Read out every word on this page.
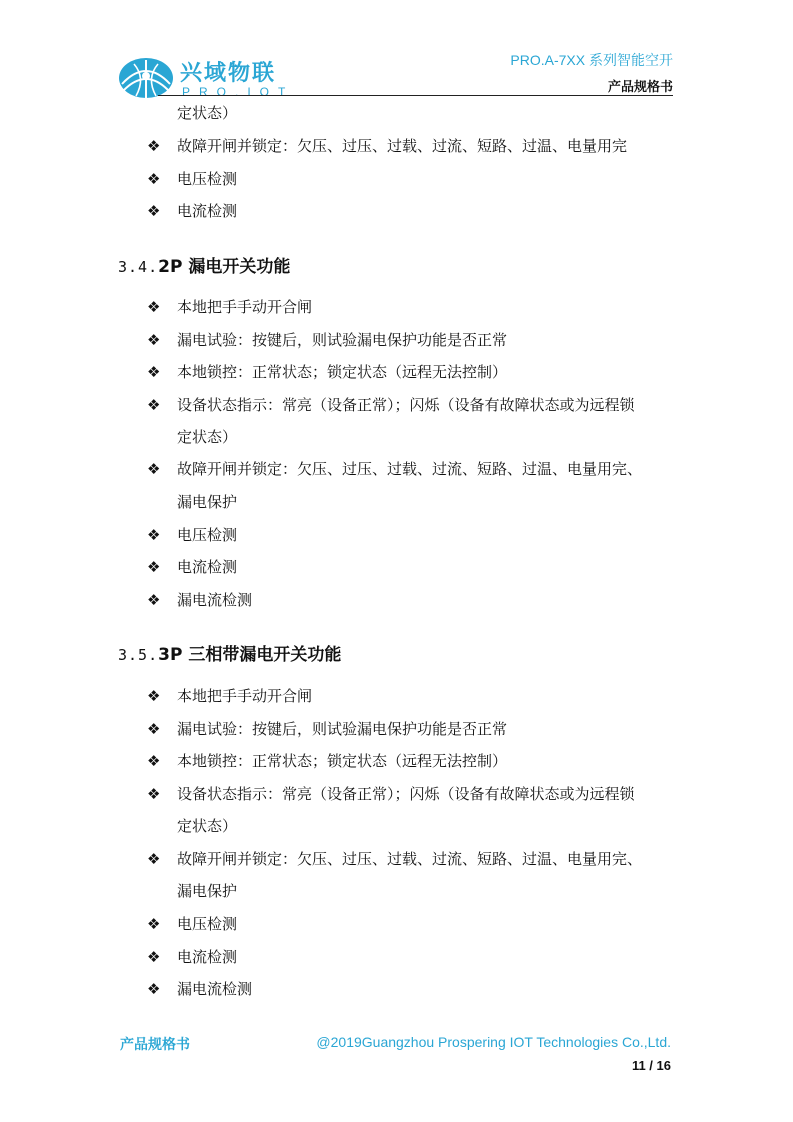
兴域物联
PRO.IOT
PRO.A-7XX 系列智能空开
产品规格书
定状态）
❖ 故障开闸并锁定：欠压、过压、过载、过流、短路、过温、电量用完
❖ 电压检测
❖ 电流检测
3.4.2P 漏电开关功能
❖ 本地把手手动开合闸
❖ 漏电试验：按键后，则试验漏电保护功能是否正常
❖ 本地锁控：正常状态；锁定状态（远程无法控制）
❖ 设备状态指示：常亮（设备正常）；闪烁（设备有故障状态或为远程锁
定状态）
❖ 故障开闸并锁定：欠压、过压、过载、过流、短路、过温、电量用完、
漏电保护
❖ 电压检测
❖ 电流检测
❖ 漏电流检测
3.5.3P 三相带漏电开关功能
❖ 本地把手手动开合闸
❖ 漏电试验：按键后，则试验漏电保护功能是否正常
❖ 本地锁控：正常状态；锁定状态（远程无法控制）
❖ 设备状态指示：常亮（设备正常）；闪烁（设备有故障状态或为远程锁
定状态）
❖ 故障开闸并锁定：欠压、过压、过载、过流、短路、过温、电量用完、
漏电保护
❖ 电压检测
❖ 电流检测
❖ 漏电流检测
产品规格书	@2019Guangzhou Prospering IOT Technologies Co.,Ltd.
11 / 16
